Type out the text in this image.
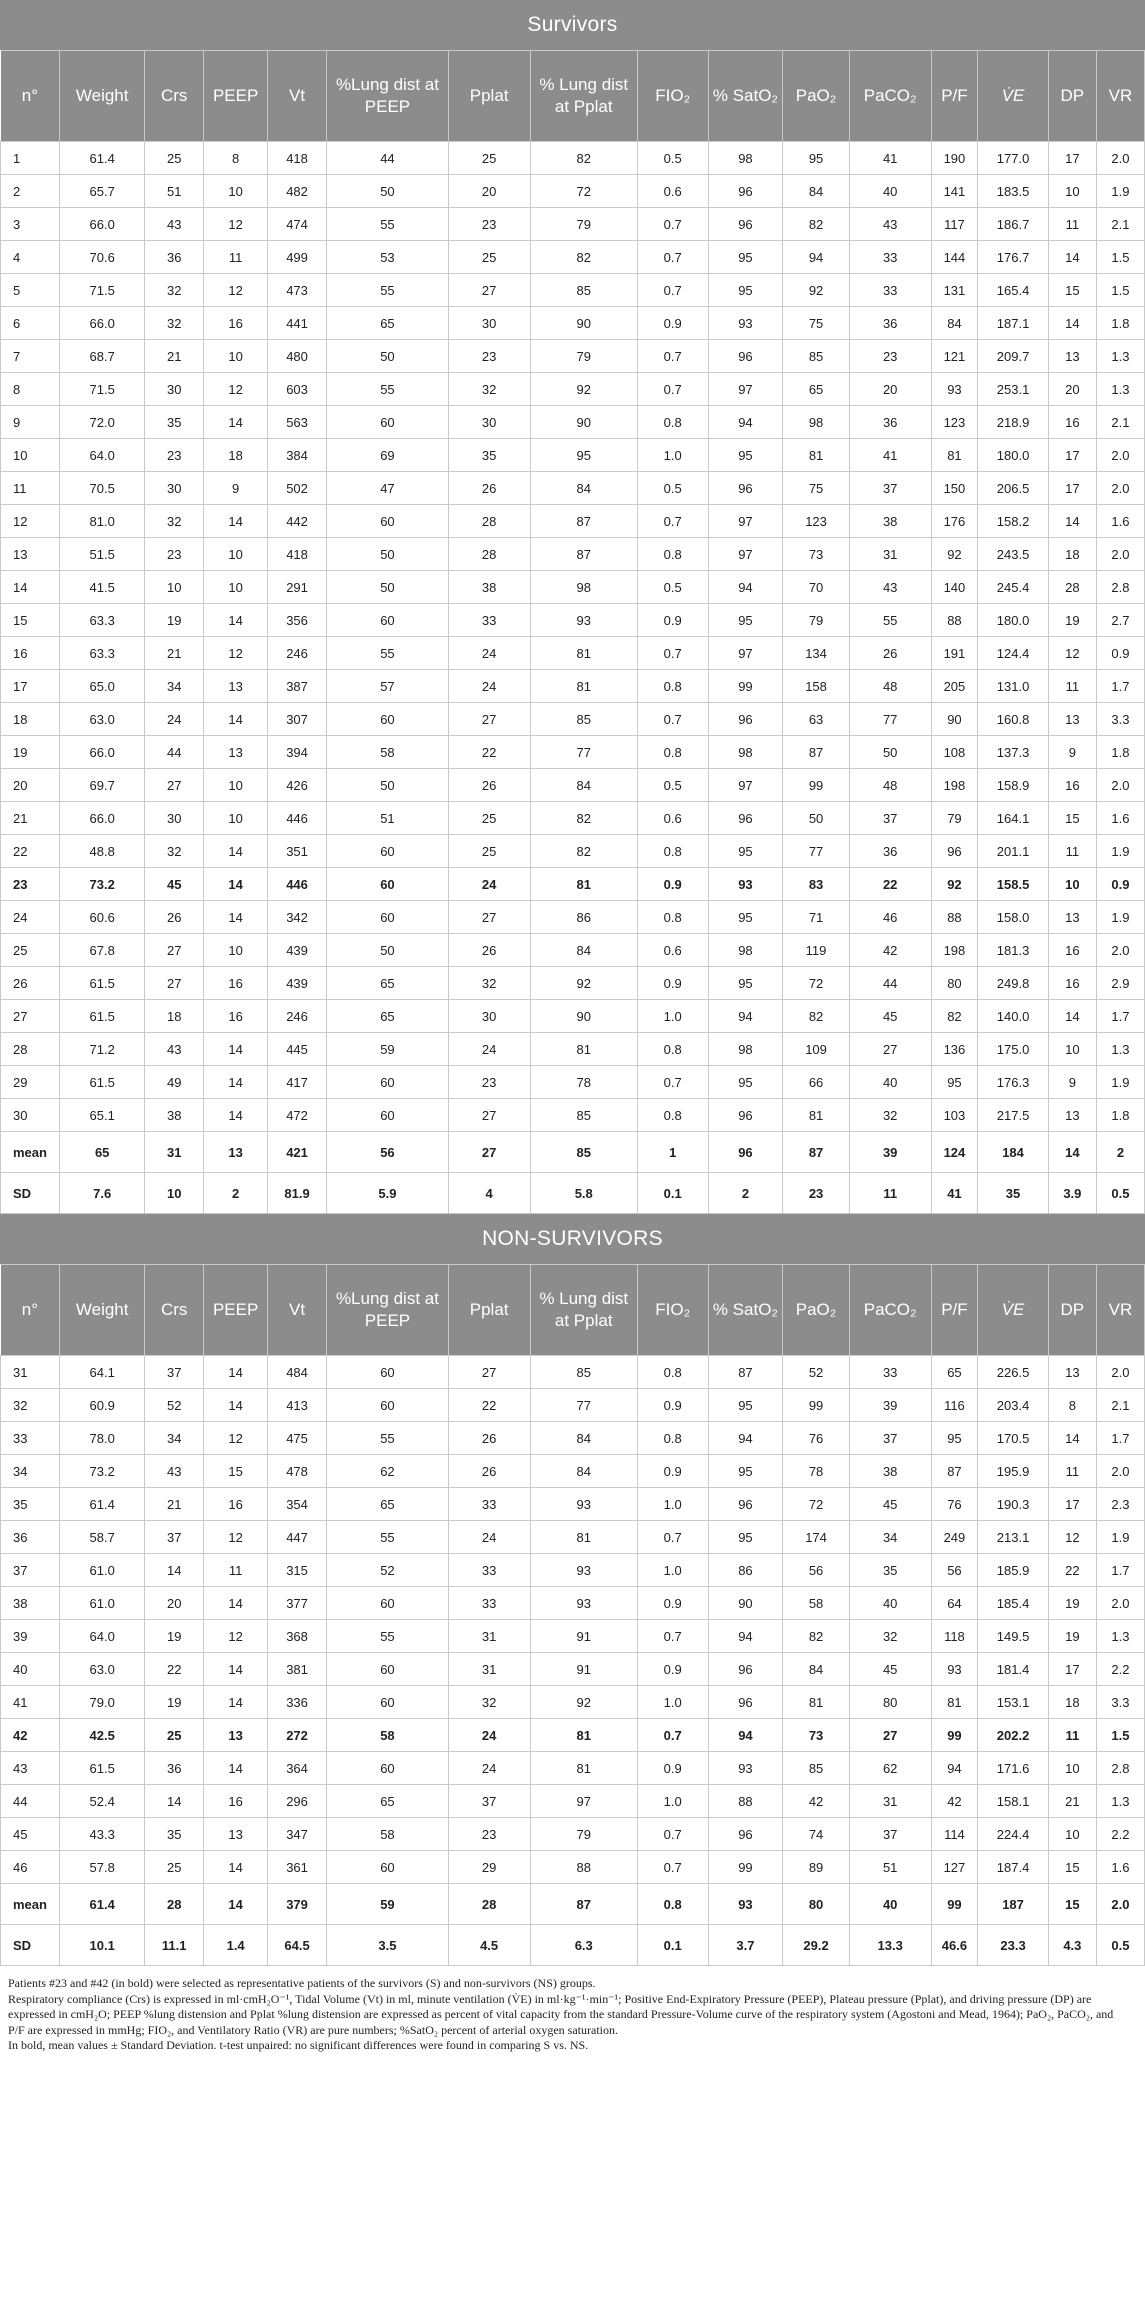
Survivors
n°	Weight	Crs	PEEP	Vt	%Lung dist at PEEP	Pplat	% Lung dist at Pplat	FIO₂	% SatO₂	PaO₂	PaCO₂	P/F	V̇E	DP	VR
1	61.4	25	8	418	44	25	82	0.5	98	95	41	190	177.0	17	2.0
2	65.7	51	10	482	50	20	72	0.6	96	84	40	141	183.5	10	1.9
3	66.0	43	12	474	55	23	79	0.7	96	82	43	117	186.7	11	2.1
4	70.6	36	11	499	53	25	82	0.7	95	94	33	144	176.7	14	1.5
5	71.5	32	12	473	55	27	85	0.7	95	92	33	131	165.4	15	1.5
6	66.0	32	16	441	65	30	90	0.9	93	75	36	84	187.1	14	1.8
7	68.7	21	10	480	50	23	79	0.7	96	85	23	121	209.7	13	1.3
8	71.5	30	12	603	55	32	92	0.7	97	65	20	93	253.1	20	1.3
9	72.0	35	14	563	60	30	90	0.8	94	98	36	123	218.9	16	2.1
10	64.0	23	18	384	69	35	95	1.0	95	81	41	81	180.0	17	2.0
11	70.5	30	9	502	47	26	84	0.5	96	75	37	150	206.5	17	2.0
12	81.0	32	14	442	60	28	87	0.7	97	123	38	176	158.2	14	1.6
13	51.5	23	10	418	50	28	87	0.8	97	73	31	92	243.5	18	2.0
14	41.5	10	10	291	50	38	98	0.5	94	70	43	140	245.4	28	2.8
15	63.3	19	14	356	60	33	93	0.9	95	79	55	88	180.0	19	2.7
16	63.3	21	12	246	55	24	81	0.7	97	134	26	191	124.4	12	0.9
17	65.0	34	13	387	57	24	81	0.8	99	158	48	205	131.0	11	1.7
18	63.0	24	14	307	60	27	85	0.7	96	63	77	90	160.8	13	3.3
19	66.0	44	13	394	58	22	77	0.8	98	87	50	108	137.3	9	1.8
20	69.7	27	10	426	50	26	84	0.5	97	99	48	198	158.9	16	2.0
21	66.0	30	10	446	51	25	82	0.6	96	50	37	79	164.1	15	1.6
22	48.8	32	14	351	60	25	82	0.8	95	77	36	96	201.1	11	1.9
23	73.2	45	14	446	60	24	81	0.9	93	83	22	92	158.5	10	0.9
24	60.6	26	14	342	60	27	86	0.8	95	71	46	88	158.0	13	1.9
25	67.8	27	10	439	50	26	84	0.6	98	119	42	198	181.3	16	2.0
26	61.5	27	16	439	65	32	92	0.9	95	72	44	80	249.8	16	2.9
27	61.5	18	16	246	65	30	90	1.0	94	82	45	82	140.0	14	1.7
28	71.2	43	14	445	59	24	81	0.8	98	109	27	136	175.0	10	1.3
29	61.5	49	14	417	60	23	78	0.7	95	66	40	95	176.3	9	1.9
30	65.1	38	14	472	60	27	85	0.8	96	81	32	103	217.5	13	1.8
mean	65	31	13	421	56	27	85	1	96	87	39	124	184	14	2
SD	7.6	10	2	81.9	5.9	4	5.8	0.1	2	23	11	41	35	3.9	0.5
NON-SURVIVORS
n°	Weight	Crs	PEEP	Vt	%Lung dist at PEEP	Pplat	% Lung dist at Pplat	FIO₂	% SatO₂	PaO₂	PaCO₂	P/F	V̇E	DP	VR
31	64.1	37	14	484	60	27	85	0.8	87	52	33	65	226.5	13	2.0
32	60.9	52	14	413	60	22	77	0.9	95	99	39	116	203.4	8	2.1
33	78.0	34	12	475	55	26	84	0.8	94	76	37	95	170.5	14	1.7
34	73.2	43	15	478	62	26	84	0.9	95	78	38	87	195.9	11	2.0
35	61.4	21	16	354	65	33	93	1.0	96	72	45	76	190.3	17	2.3
36	58.7	37	12	447	55	24	81	0.7	95	174	34	249	213.1	12	1.9
37	61.0	14	11	315	52	33	93	1.0	86	56	35	56	185.9	22	1.7
38	61.0	20	14	377	60	33	93	0.9	90	58	40	64	185.4	19	2.0
39	64.0	19	12	368	55	31	91	0.7	94	82	32	118	149.5	19	1.3
40	63.0	22	14	381	60	31	91	0.9	96	84	45	93	181.4	17	2.2
41	79.0	19	14	336	60	32	92	1.0	96	81	80	81	153.1	18	3.3
42	42.5	25	13	272	58	24	81	0.7	94	73	27	99	202.2	11	1.5
43	61.5	36	14	364	60	24	81	0.9	93	85	62	94	171.6	10	2.8
44	52.4	14	16	296	65	37	97	1.0	88	42	31	42	158.1	21	1.3
45	43.3	35	13	347	58	23	79	0.7	96	74	37	114	224.4	10	2.2
46	57.8	25	14	361	60	29	88	0.7	99	89	51	127	187.4	15	1.6
mean	61.4	28	14	379	59	28	87	0.8	93	80	40	99	187	15	2.0
SD	10.1	11.1	1.4	64.5	3.5	4.5	6.3	0.1	3.7	29.2	13.3	46.6	23.3	4.3	0.5

Patients #23 and #42 (in bold) were selected as representative patients of the survivors (S) and non-survivors (NS) groups.

Respiratory compliance (Crs) is expressed in ml·cmH₂O⁻¹, Tidal Volume (Vt) in ml, minute ventilation (V̇E) in ml·kg⁻¹·min⁻¹; Positive End-Expiratory Pressure (PEEP), Plateau pressure (Pplat), and driving pressure (DP) are expressed in cmH₂O; PEEP %lung distension and Pplat %lung distension are expressed as percent of vital capacity from the standard Pressure-Volume curve of the respiratory system (Agostoni and Mead, 1964); PaO₂, PaCO₂, and P/F are expressed in mmHg; FIO₂, and Ventilatory Ratio (VR) are pure numbers; %SatO₂ percent of arterial oxygen saturation.

In bold, mean values ± Standard Deviation. t-test unpaired: no significant differences were found in comparing S vs. NS.
